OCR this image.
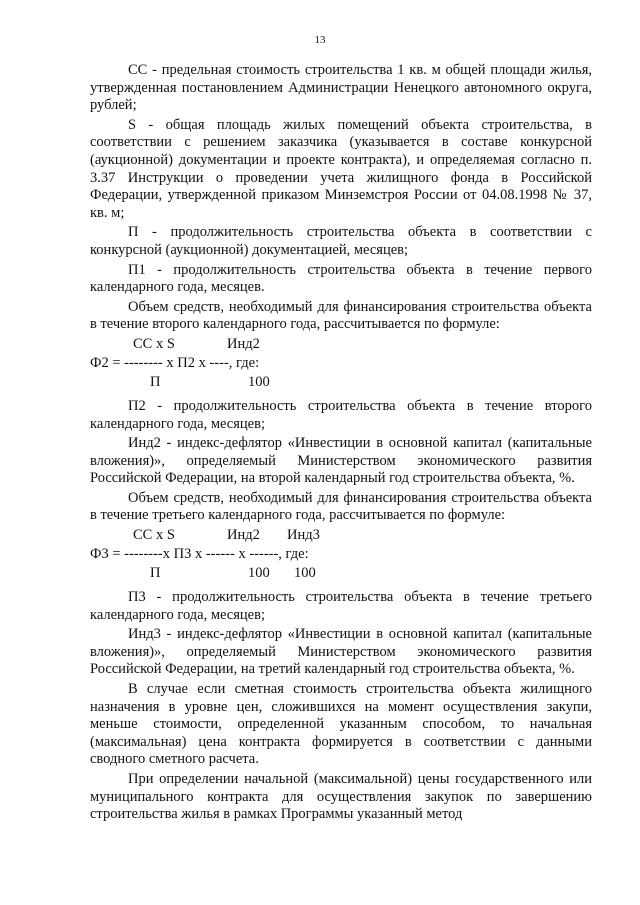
13

СС - предельная стоимость строительства 1 кв. м общей площади жилья, утвержденная постановлением Администрации Ненецкого автономного округа, рублей;

S - общая площадь жилых помещений объекта строительства, в соответствии с решением заказчика (указывается в составе конкурсной (аукционной) документации и проекте контракта), и определяемая согласно п. 3.37 Инструкции о проведении учета жилищного фонда в Российской Федерации, утвержденной приказом Минземстроя России от 04.08.1998 № 37, кв. м;

П - продолжительность строительства объекта в соответствии с конкурсной (аукционной) документацией, месяцев;

П1 - продолжительность строительства объекта в течение первого календарного года, месяцев.

Объем средств, необходимый для финансирования строительства объекта в течение второго календарного года, рассчитывается по формуле:

СС x S	Инд2
Ф2 = -------- x П2 x ----, где:
П	100

П2 - продолжительность строительства объекта в течение второго календарного года, месяцев;

Инд2 - индекс-дефлятор «Инвестиции в основной капитал (капитальные вложения)», определяемый Министерством экономического развития Российской Федерации, на второй календарный год строительства объекта, %.

Объем средств, необходимый для финансирования строительства объекта в течение третьего календарного года, рассчитывается по формуле:

СС x S	Инд2 Инд3
Ф3 = --------x П3 x ------ x ------, где:
П	100 100

П3 - продолжительность строительства объекта в течение третьего календарного года, месяцев;

Инд3 - индекс-дефлятор «Инвестиции в основной капитал (капитальные вложения)», определяемый Министерством экономического развития Российской Федерации, на третий календарный год строительства объекта, %.

В случае если сметная стоимость строительства объекта жилищного назначения в уровне цен, сложившихся на момент осуществления закупи, меньше стоимости, определенной указанным способом, то начальная (максимальная) цена контракта формируется в соответствии с данными сводного сметного расчета.

При определении начальной (максимальной) цены государственного или муниципального контракта для осуществления закупок по завершению строительства жилья в рамках Программы указанный метод
